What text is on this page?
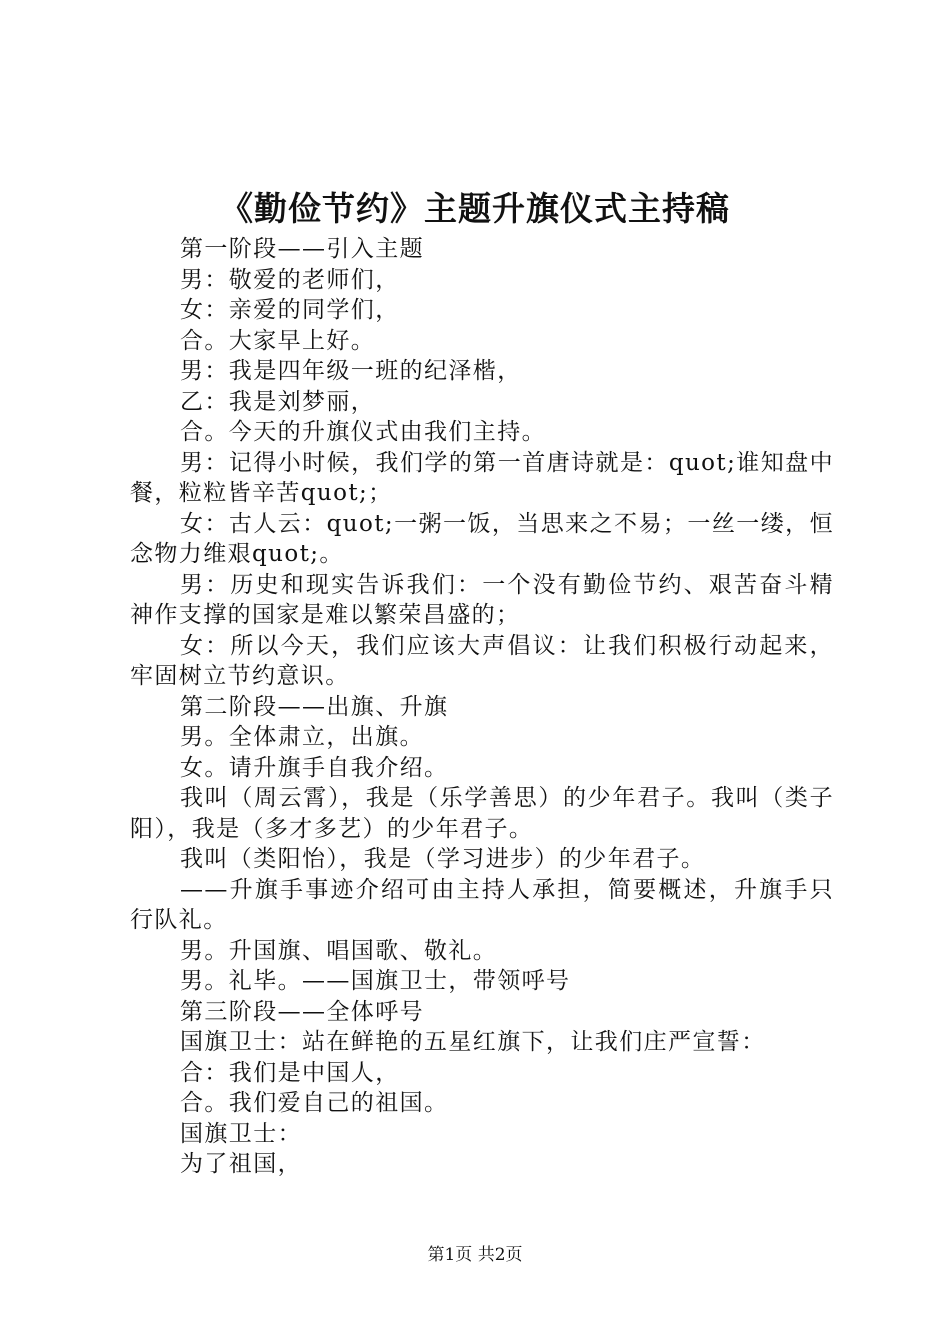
《勤俭节约》主题升旗仪式主持稿

第一阶段——引入主题

男：敬爱的老师们，

女：亲爱的同学们，

合。大家早上好。

男：我是四年级一班的纪泽楷，

乙：我是刘梦丽，

合。今天的升旗仪式由我们主持。

男：记得小时候，我们学的第一首唐诗就是：quot;谁知盘中餐，粒粒皆辛苦quot;；

女：古人云：quot;一粥一饭，当思来之不易；一丝一缕，恒念物力维艰quot;。

男：历史和现实告诉我们：一个没有勤俭节约、艰苦奋斗精神作支撑的国家是难以繁荣昌盛的；

女：所以今天，我们应该大声倡议：让我们积极行动起来，牢固树立节约意识。

第二阶段——出旗、升旗

男。全体肃立，出旗。

女。请升旗手自我介绍。

我叫（周云霄），我是（乐学善思）的少年君子。我叫（类子阳），我是（多才多艺）的少年君子。

我叫（类阳怡），我是（学习进步）的少年君子。

——升旗手事迹介绍可由主持人承担，简要概述，升旗手只行队礼。

男。升国旗、唱国歌、敬礼。

男。礼毕。——国旗卫士，带领呼号

第三阶段——全体呼号

国旗卫士：站在鲜艳的五星红旗下，让我们庄严宣誓：

合：我们是中国人，

合。我们爱自己的祖国。

国旗卫士：

为了祖国，

第1页 共2页
